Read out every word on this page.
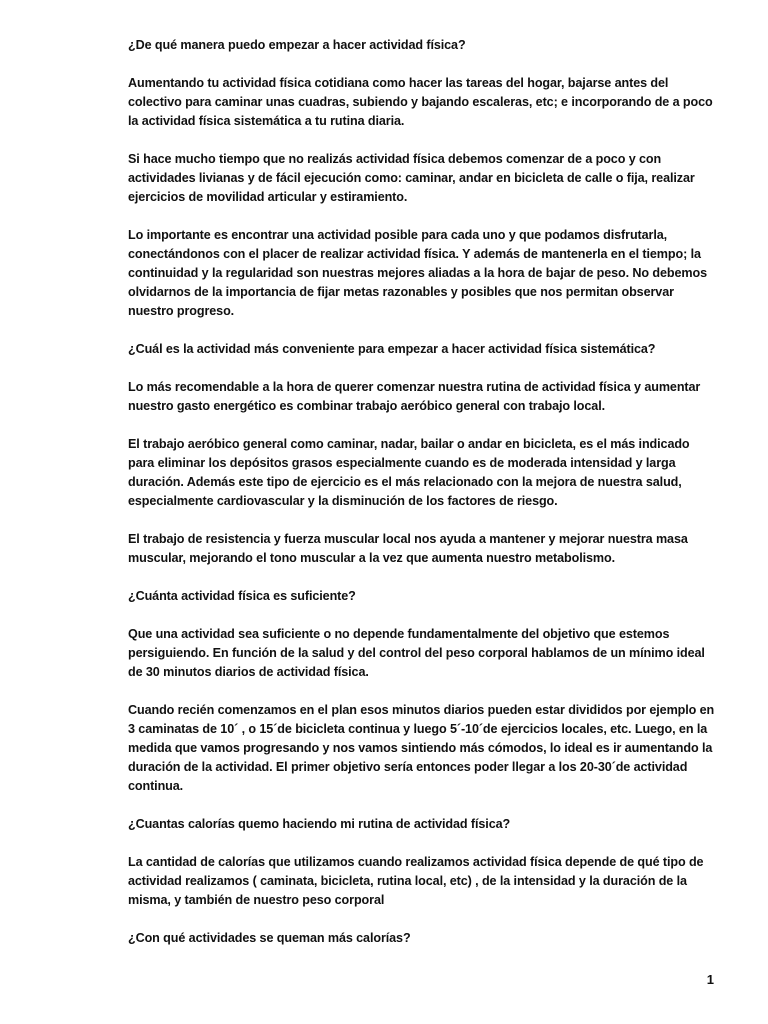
¿De qué manera puedo empezar a hacer actividad física?

Aumentando tu actividad física cotidiana como hacer las tareas del hogar, bajarse antes del colectivo para caminar unas cuadras, subiendo y bajando escaleras, etc; e incorporando de a poco la actividad física sistemática a tu rutina diaria.

Si hace mucho tiempo que no realizás actividad física debemos comenzar de a poco y con actividades livianas y de fácil ejecución como: caminar, andar en bicicleta de calle o fija, realizar ejercicios de movilidad articular y estiramiento.

Lo importante es encontrar una actividad posible para cada uno y que podamos disfrutarla, conectándonos con el placer de realizar actividad física. Y además de mantenerla en el tiempo; la continuidad y la regularidad son nuestras mejores aliadas a la hora de bajar de peso. No debemos olvidarnos de la importancia de fijar metas razonables y posibles que nos permitan observar nuestro progreso.

¿Cuál es la actividad más conveniente para empezar a hacer actividad física sistemática?

Lo más recomendable a la hora de querer comenzar nuestra rutina de actividad física y aumentar nuestro gasto energético es combinar trabajo aeróbico general con trabajo local.

El trabajo aeróbico general como caminar, nadar, bailar o andar en bicicleta, es el más indicado para eliminar los depósitos grasos especialmente cuando es de moderada intensidad y larga duración. Además este tipo de ejercicio es el más relacionado con la mejora de nuestra salud, especialmente cardiovascular y la disminución de los factores de riesgo.

El trabajo de resistencia y fuerza muscular local nos ayuda a mantener y mejorar nuestra masa muscular, mejorando el tono muscular a la vez que aumenta nuestro metabolismo.

¿Cuánta actividad física es suficiente?

Que una actividad sea suficiente o no depende fundamentalmente del objetivo que estemos persiguiendo. En función de la salud y del control del peso corporal hablamos de un mínimo ideal de 30 minutos diarios de actividad física.

Cuando recién comenzamos en el plan esos minutos diarios pueden estar divididos por ejemplo en 3 caminatas de 10´ , o 15´de bicicleta continua y luego 5´-10´de ejercicios locales, etc. Luego, en la medida que vamos progresando y nos vamos sintiendo más cómodos, lo ideal es ir aumentando la duración de la actividad. El primer objetivo sería entonces poder llegar a los 20-30´de actividad continua.

¿Cuantas calorías quemo haciendo mi rutina de actividad física?

La cantidad de calorías que utilizamos cuando realizamos actividad física depende de qué tipo de actividad realizamos ( caminata, bicicleta, rutina local, etc) , de la intensidad y la duración de la misma, y también de nuestro peso corporal

¿Con qué actividades se queman más calorías?

1
